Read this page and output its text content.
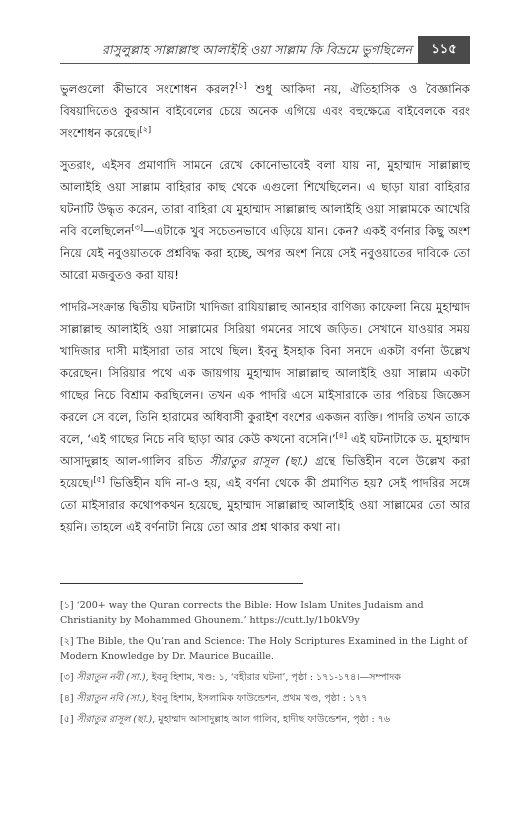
রাসুলুল্লাহ সাল্লাল্লাহু আলাইহি ওয়া সাল্লাম কি বিভ্রমে ভুগছিলেন	১১৫

ভুলগুলো কীভাবে সংশোধন করল?[১] শুধু আকিদা নয়, ঐতিহাসিক ও বৈজ্ঞানিক বিষয়াদিতেও কুরআন বাইবেলের চেয়ে অনেক এগিয়ে এবং বহুক্ষেত্রে বাইবেলকে বরং সংশোধন করেছে।[২]

সুতরাং, এইসব প্রমাণাদি সামনে রেখে কোনোভাবেই বলা যায় না, মুহাম্মাদ সাল্লাল্লাহু আলাইহি ওয়া সাল্লাম বাহিরার কাছ থেকে এগুলো শিখেছিলেন। এ ছাড়া যারা বাহিরার ঘটনাটি উদ্ধৃত করেন, তারা বাহিরা যে মুহাম্মাদ সাল্লাল্লাহু আলাইহি ওয়া সাল্লামকে আখেরি নবি বলেছিলেন[৩]—এটাকে খুব সচেতনভাবে এড়িয়ে যান। কেন? একই বর্ণনার কিছু অংশ নিয়ে যেই নবুওয়াতকে প্রশ্নবিদ্ধ করা হচ্ছে, অপর অংশ নিয়ে সেই নবুওয়াতের দাবিকে তো আরো মজবুতও করা যায়!

পাদরি-সংক্রান্ত দ্বিতীয় ঘটনাটা খাদিজা রাযিয়াল্লাহু আনহার বাণিজ্য কাফেলা নিয়ে মুহাম্মাদ সাল্লাল্লাহু আলাইহি ওয়া সাল্লামের সিরিয়া গমনের সাথে জড়িত। সেখানে যাওয়ার সময় খাদিজার দাসী মাইসারা তার সাথে ছিল। ইবনু ইসহাক বিনা সনদে একটা বর্ণনা উল্লেখ করেছেন। সিরিয়ার পথে এক জায়গায় মুহাম্মাদ সাল্লাল্লাহু আলাইহি ওয়া সাল্লাম একটা গাছের নিচে বিশ্রাম করছিলেন। তখন এক পাদরি এসে মাইসারাকে তার পরিচয় জিজ্ঞেস করলে সে বলে, তিনি হারামের অধিবাসী কুরাইশ বংশের একজন ব্যক্তি। পাদরি তখন তাকে বলে, ‘এই গাছের নিচে নবি ছাড়া আর কেউ কখনো বসেনি।’[৪] এই ঘটনাটাকে ড. মুহাম্মাদ আসাদুল্লাহ আল-গালিব রচিত সীরাতুর রাসূল (ছা.) গ্রন্থে ভিত্তিহীন বলে উল্লেখ করা হয়েছে।[৫] ভিত্তিহীন যদি না-ও হয়, এই বর্ণনা থেকে কী প্রমাণিত হয়? সেই পাদরির সঙ্গে তো মাইসারার কথোপকথন হয়েছে, মুহাম্মাদ সাল্লাল্লাহু আলাইহি ওয়া সাল্লামের তো আর হয়নি। তাহলে এই বর্ণনাটা নিয়ে তো আর প্রশ্ন থাকার কথা না।

[১] ‘200+ way the Quran corrects the Bible: How Islam Unites Judaism and Christianity by Mohammed Ghounem.’ https://cutt.ly/1b0kV9y
[২] The Bible, the Qu’ran and Science: The Holy Scriptures Examined in the Light of Modern Knowledge by Dr. Maurice Bucaille.
[৩] সীরাতুন নবী (সা.), ইবনু হিশাম, খণ্ড: ১, ‘বহীরার ঘটনা’, পৃষ্ঠা : ১৭১-১৭৪।—সম্পাদক
[৪] সীরাতুন নবি (সা.), ইবনু হিশাম, ইসলামিক ফাউন্ডেশন, প্রথম খণ্ড, পৃষ্ঠা : ১৭৭
[৫] সীরাতুর রাসূল (ছা.), মুহাম্মাদ আসাদুল্লাহ আল গালিব, হাদীছ ফাউন্ডেশন, পৃষ্ঠা : ৭৬
